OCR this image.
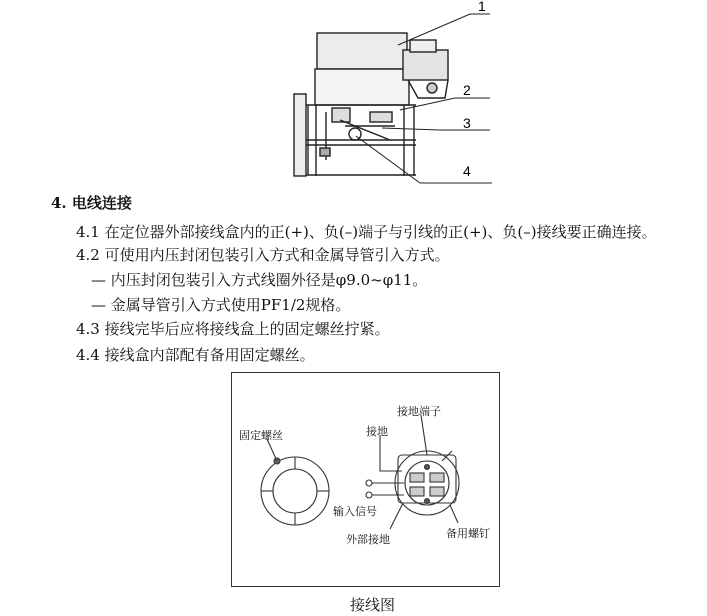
1
2
3
4
4. 电线连接
4.1 在定位器外部接线盒内的正(+)、负(–)端子与引线的正(+)、负(–)接线要正确连接。
4.2 可使用内压封闭包装引入方式和金属导管引入方式。
— 内压封闭包装引入方式线圈外径是φ9.0~φ11。
— 金属导管引入方式使用PF1/2规格。
4.3 接线完毕后应将接线盒上的固定螺丝拧紧。
4.4 接线盒内部配有备用固定螺丝。
固定螺丝
接地端子
接地
输入信号
外部接地	备用螺钉
接线图
